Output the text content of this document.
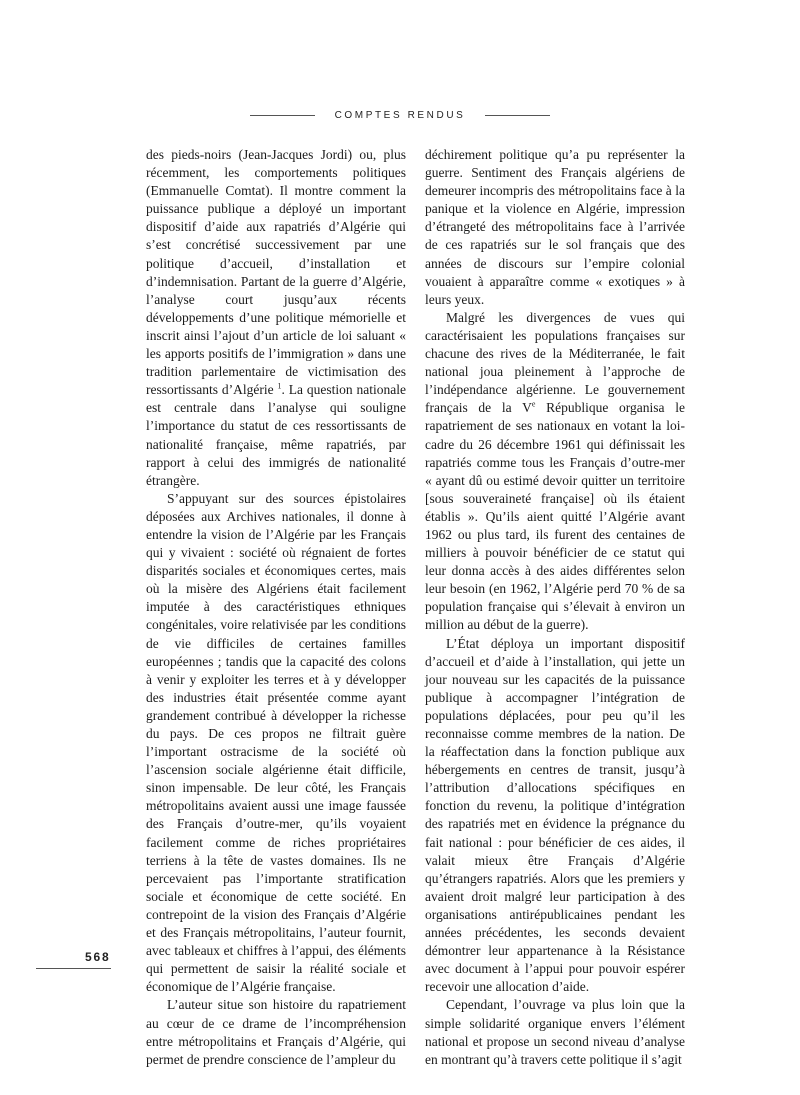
COMPTES RENDUS

des pieds-noirs (Jean-Jacques Jordi) ou, plus récemment, les comportements politiques (Emmanuelle Comtat). Il montre comment la puissance publique a déployé un important dispositif d’aide aux rapatriés d’Algérie qui s’est concrétisé successivement par une politique d’accueil, d’installation et d’indemnisation. Partant de la guerre d’Algérie, l’analyse court jusqu’aux récents développements d’une politique mémorielle et inscrit ainsi l’ajout d’un article de loi saluant « les apports positifs de l’immigration » dans une tradition parlementaire de victimisation des ressortissants d’Algérie $^1$. La question nationale est centrale dans l’analyse qui souligne l’importance du statut de ces ressortissants de nationalité française, même rapatriés, par rapport à celui des immigrés de nationalité étrangère.

S’appuyant sur des sources épistolaires déposées aux Archives nationales, il donne à entendre la vision de l’Algérie par les Français qui y vivaient : société où régnaient de fortes disparités sociales et économiques certes, mais où la misère des Algériens était facilement imputée à des caractéristiques ethniques congénitales, voire relativisée par les conditions de vie difficiles de certaines familles européennes ; tandis que la capacité des colons à venir y exploiter les terres et à y développer des industries était présentée comme ayant grandement contribué à développer la richesse du pays. De ces propos ne filtrait guère l’important ostracisme de la société où l’ascension sociale algérienne était difficile, sinon impensable. De leur côté, les Français métropolitains avaient aussi une image faussée des Français d’outre-mer, qu’ils voyaient facilement comme de riches propriétaires terriens à la tête de vastes domaines. Ils ne percevaient pas l’importante stratification sociale et économique de cette société. En contrepoint de la vision des Français d’Algérie et des Français métropolitains, l’auteur fournit, avec tableaux et chiffres à l’appui, des éléments qui permettent de saisir la réalité sociale et économique de l’Algérie française.

L’auteur situe son histoire du rapatriement au cœur de ce drame de l’incompréhension entre métropolitains et Français d’Algérie, qui permet de prendre conscience de l’ampleur du

déchirement politique qu’a pu représenter la guerre. Sentiment des Français algériens de demeurer incompris des métropolitains face à la panique et la violence en Algérie, impression d’étrangeté des métropolitains face à l’arrivée de ces rapatriés sur le sol français que des années de discours sur l’empire colonial vouaient à apparaître comme « exotiques » à leurs yeux.

Malgré les divergences de vues qui caractérisaient les populations françaises sur chacune des rives de la Méditerranée, le fait national joua pleinement à l’approche de l’indépendance algérienne. Le gouvernement français de la Ve République organisa le rapatriement de ses nationaux en votant la loi-cadre du 26 décembre 1961 qui définissait les rapatriés comme tous les Français d’outre-mer « ayant dû ou estimé devoir quitter un territoire [sous souveraineté française] où ils étaient établis ». Qu’ils aient quitté l’Algérie avant 1962 ou plus tard, ils furent des centaines de milliers à pouvoir bénéficier de ce statut qui leur donna accès à des aides différentes selon leur besoin (en 1962, l’Algérie perd 70 % de sa population française qui s’élevait à environ un million au début de la guerre).

L’État déploya un important dispositif d’accueil et d’aide à l’installation, qui jette un jour nouveau sur les capacités de la puissance publique à accompagner l’intégration de populations déplacées, pour peu qu’il les reconnaisse comme membres de la nation. De la réaffectation dans la fonction publique aux hébergements en centres de transit, jusqu’à l’attribution d’allocations spécifiques en fonction du revenu, la politique d’intégration des rapatriés met en évidence la prégnance du fait national : pour bénéficier de ces aides, il valait mieux être Français d’Algérie qu’étrangers rapatriés. Alors que les premiers y avaient droit malgré leur participation à des organisations antirépublicaines pendant les années précédentes, les seconds devaient démontrer leur appartenance à la Résistance avec document à l’appui pour pouvoir espérer recevoir une allocation d’aide.

Cependant, l’ouvrage va plus loin que la simple solidarité organique envers l’élément national et propose un second niveau d’analyse en montrant qu’à travers cette politique il s’agit

568
